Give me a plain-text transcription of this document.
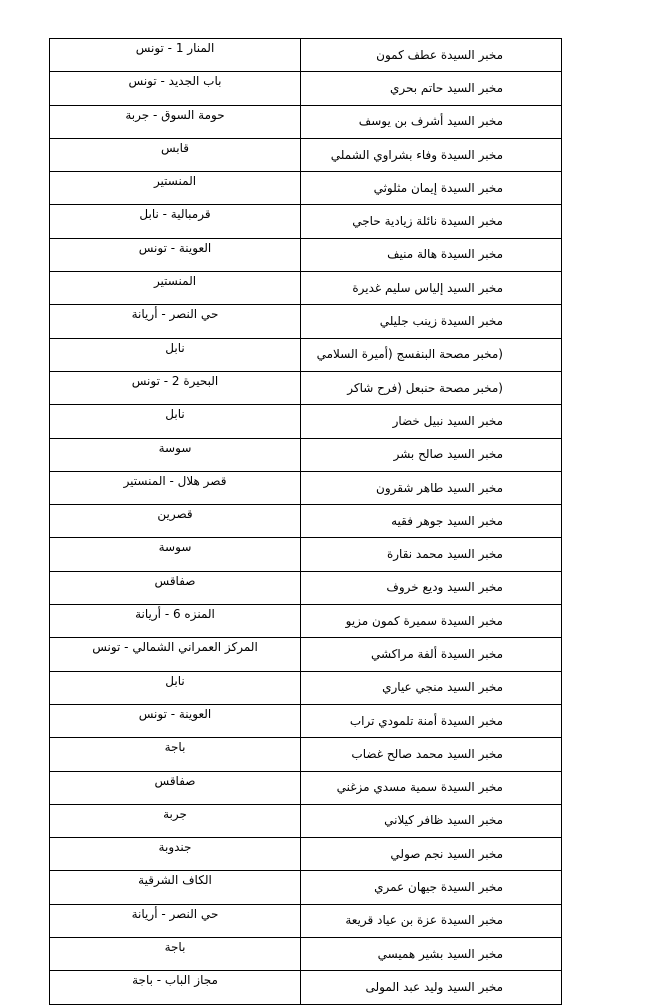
المنار 1 - تونس	مخبر السيدة عطف كمون
باب الجديد - تونس	مخبر السيد حاتم بحري
حومة السوق - جربة	مخبر السيد أشرف بن يوسف
قابس	مخبر السيدة وفاء بشراوي الشملي
المنستير	مخبر السيدة إيمان مثلوثي
قرمبالية - نابل	مخبر السيدة نائلة زيادية حاجي
العوينة - تونس	مخبر السيدة هالة منيف
المنستير	مخبر السيد إلياس سليم غديرة
حي النصر - أريانة	مخبر السيدة زينب جليلي
نابل	(مخبر مصحة البنفسج (أميرة السلامي
البحيرة 2 - تونس	(مخبر مصحة حنبعل (فرح شاكر
نابل	مخبر السيد نبيل خضار
سوسة	مخبر السيد صالح بشر
قصر هلال - المنستير	مخبر السيد طاهر شقرون
قصرين	مخبر السيد جوهر فقيه
سوسة	مخبر السيد محمد نقارة
صفاقس	مخبر السيد وديع خروف
المنزه 6 - أريانة	مخبر السيدة سميرة كمون مزيو
المركز العمراني الشمالي - تونس	مخبر السيدة ألفة مراكشي
نابل	مخبر السيد منجي عياري
العوينة - تونس	مخبر السيدة أمنة تلمودي تراب
باجة	مخبر السيد محمد صالح غضاب
صفاقس	مخبر السيدة سمية مسدي مزغني
جربة	مخبر السيد ظافر كيلاني
جندوبة	مخبر السيد نجم صولي
الكاف الشرقية	مخبر السيدة جيهان عمري
حي النصر - أريانة	مخبر السيدة عزة بن عياد قريعة
باجة	مخبر السيد بشير هميسي
مجاز الباب - باجة	مخبر السيد وليد عبد المولى
